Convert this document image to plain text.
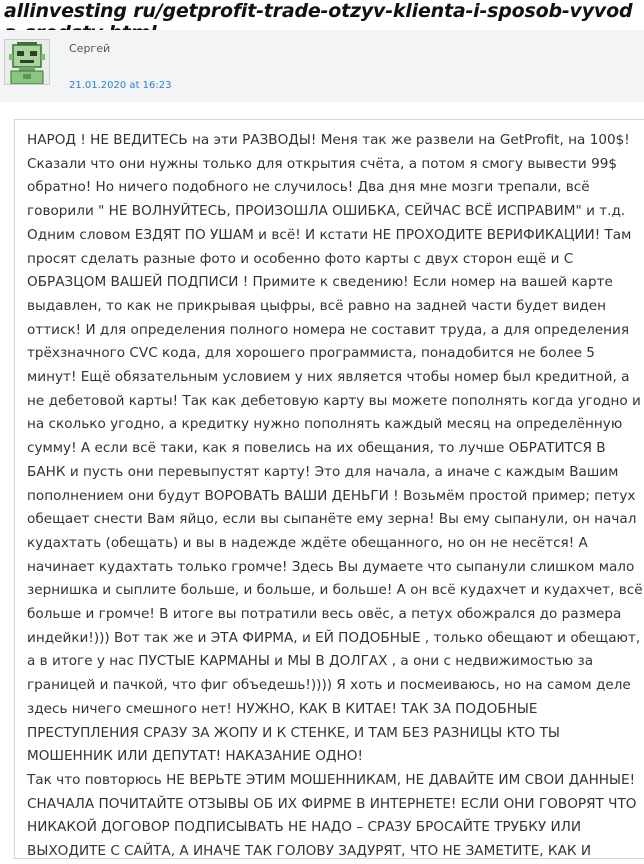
allinvesting ru/getprofit-trade-otzyv-klienta-i-sposob-vyvod
Сергей
21.01.2020 at 16:23

НАРОД ! НЕ ВЕДИТЕСЬ на эти РАЗВОДЫ! Меня так же развели на GetProfit, на 100$! Сказали что они нужны только для открытия счёта, а потом я смогу вывести 99$ обратно! Но ничего подобного не случилось! Два дня мне мозги трепали, всё говорили " НЕ ВОЛНУЙТЕСЬ, ПРОИЗОШЛА ОШИБКА, СЕЙЧАС ВСЁ ИСПРАВИМ" и т.д. Одним словом ЕЗДЯТ ПО УШАМ и всё! И кстати НЕ ПРОХОДИТЕ ВЕРИФИКАЦИИ! Там просят сделать разные фото и особенно фото карты с двух сторон ещё и С ОБРАЗЦОМ ВАШЕЙ ПОДПИСИ ! Примите к сведению! Если номер на вашей карте выдавлен, то как не прикрывая цыфры, всё равно на задней части будет виден оттиск! И для определения полного номера не составит труда, а для определения трёхзначного CVC кода, для хорошего программиста, понадобится не более 5 минут! Ещё обязательным условием у них является чтобы номер был кредитной, а не дебетовой карты! Так как дебетовую карту вы можете пополнять когда угодно и на сколько угодно, а кредитку нужно пополнять каждый месяц на определённую сумму! А если всё таки, как я повелись на их обещания, то лучше ОБРАТИТСЯ В БАНК и пусть они перевыпустят карту! Это для начала, а иначе с каждым Вашим пополнением они будут ВОРОВАТЬ ВАШИ ДЕНЬГИ ! Возьмём простой пример; петух обещает снести Вам яйцо, если вы сыпанёте ему зерна! Вы ему сыпанули, он начал кудахтать (обещать) и вы в надежде ждёте обещанного, но он не несётся! А начинает кудахтать только громче! Здесь Вы думаете что сыпанули слишком мало зернишка и сыплите больше, и больше, и больше! А он всё кудахчет и кудахчет, всё больше и громче! В итоге вы потратили весь овёс, а петух обожрался до размера индейки!))) Вот так же и ЭТА ФИРМА, и ЕЙ ПОДОБНЫЕ , только обещают и обещают, а в итоге у нас ПУСТЫЕ КАРМАНЫ и МЫ В ДОЛГАХ , а они с недвижимостью за границей и пачкой, что фиг объедешь!)))) Я хоть и посмеиваюсь, но на самом деле здесь ничего смешного нет! НУЖНО, КАК В КИТАЕ! ТАК ЗА ПОДОБНЫЕ ПРЕСТУПЛЕНИЯ СРАЗУ ЗА ЖОПУ И К СТЕНКЕ, И ТАМ БЕЗ РАЗНИЦЫ КТО ТЫ МОШЕННИК ИЛИ ДЕПУТАТ! НАКАЗАНИЕ ОДНО!
Так что повторюсь НЕ ВЕРЬТЕ ЭТИМ МОШЕННИКАМ, НЕ ДАВАЙТЕ ИМ СВОИ ДАННЫЕ! СНАЧАЛА ПОЧИТАЙТЕ ОТЗЫВЫ ОБ ИХ ФИРМЕ В ИНТЕРНЕТЕ! ЕСЛИ ОНИ ГОВОРЯТ ЧТО НИКАКОЙ ДОГОВОР ПОДПИСЫВАТЬ НЕ НАДО – СРАЗУ БРОСАЙТЕ ТРУБКУ ИЛИ ВЫХОДИТЕ С САЙТА, А ИНАЧЕ ТАК ГОЛОВУ ЗАДУРЯТ, ЧТО НЕ ЗАМЕТИТЕ, КАК И
